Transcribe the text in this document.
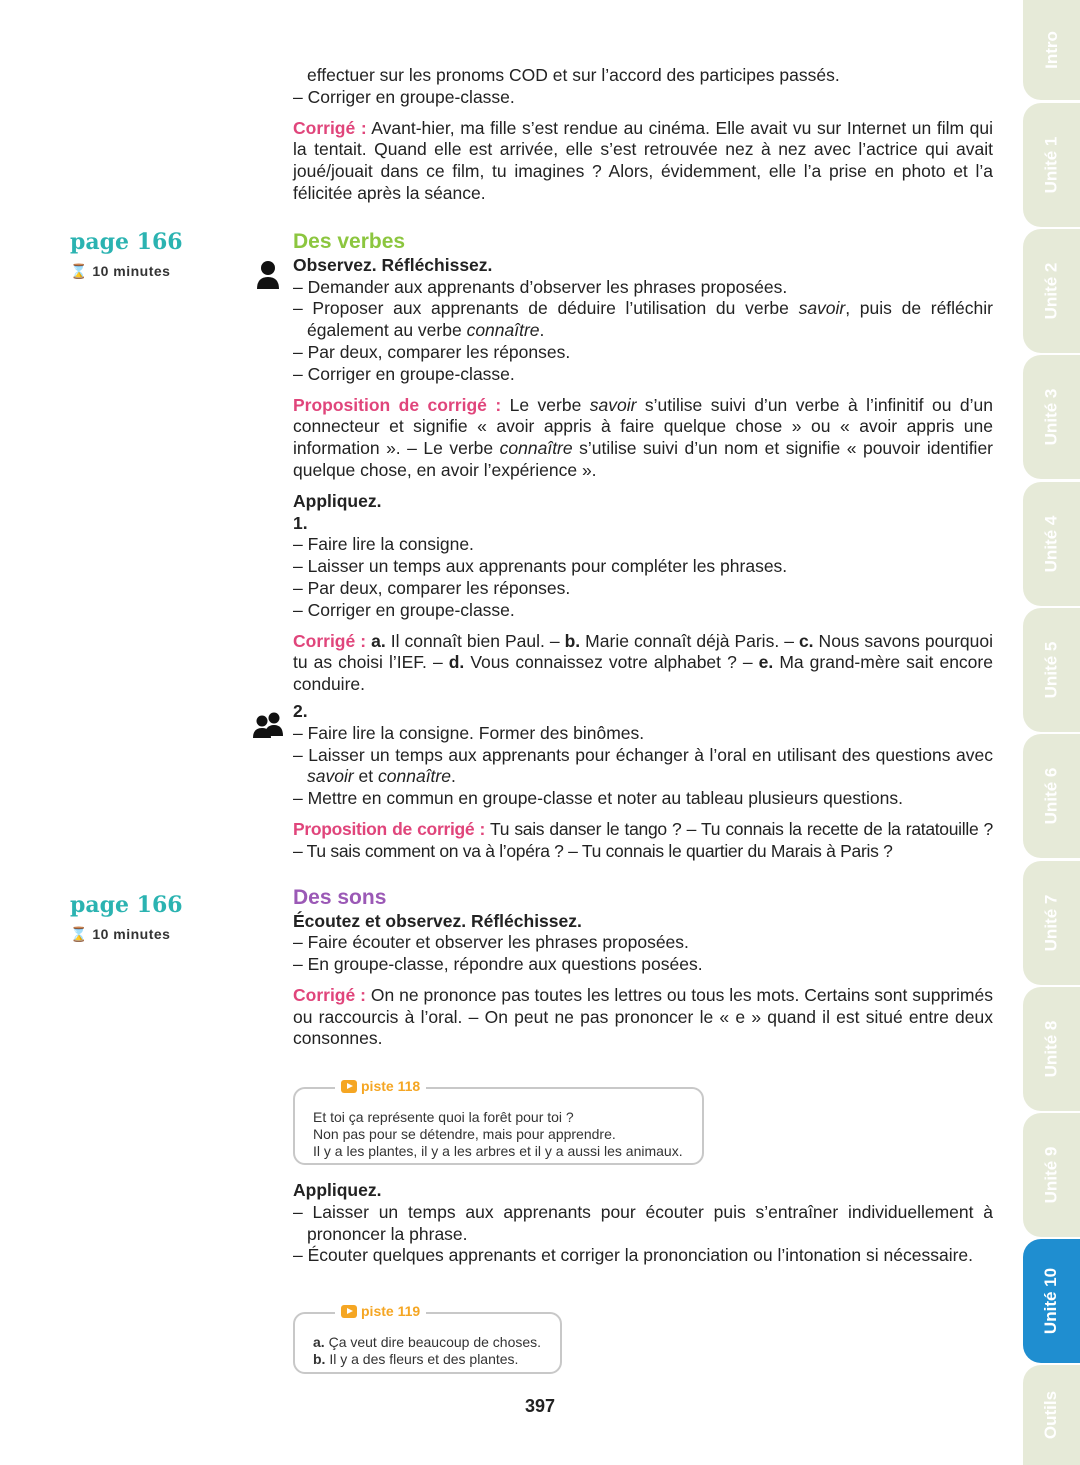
page 166
⌛ 10 minutes
page 166
⌛ 10 minutes

effectuer sur les pronoms COD et sur l’accord des participes passés.

– Corriger en groupe-classe.

Corrigé : Avant-hier, ma fille s’est rendue au cinéma. Elle avait vu sur Internet un film qui la tentait. Quand elle est arrivée, elle s’est retrouvée nez à nez avec l’actrice qui avait joué/jouait dans ce film, tu imagines ? Alors, évidemment, elle l’a prise en photo et l’a félicitée après la séance.

Des verbes

Observez. Réfléchissez.

– Demander aux apprenants d’observer les phrases proposées.

– Proposer aux apprenants de déduire l’utilisation du verbe savoir, puis de réfléchir également au verbe connaître.

– Par deux, comparer les réponses.

– Corriger en groupe-classe.

Proposition de corrigé : Le verbe savoir s’utilise suivi d’un verbe à l’infinitif ou d’un connecteur et signifie « avoir appris à faire quelque chose » ou « avoir appris une information ». – Le verbe connaître s’utilise suivi d’un nom et signifie « pouvoir identifier quelque chose, en avoir l’expérience ».

Appliquez.

1.

– Faire lire la consigne.

– Laisser un temps aux apprenants pour compléter les phrases.

– Par deux, comparer les réponses.

– Corriger en groupe-classe.

Corrigé : a. Il connaît bien Paul. – b. Marie connaît déjà Paris. – c. Nous savons pourquoi tu as choisi l’IEF. – d. Vous connaissez votre alphabet ? – e. Ma grand-mère sait encore conduire.

2.

– Faire lire la consigne. Former des binômes.

– Laisser un temps aux apprenants pour échanger à l’oral en utilisant des questions avec savoir et connaître.

– Mettre en commun en groupe-classe et noter au tableau plusieurs questions.

Proposition de corrigé : Tu sais danser le tango ? – Tu connais la recette de la ratatouille ? – Tu sais comment on va à l’opéra ? – Tu connais le quartier du Marais à Paris ?

Des sons

Écoutez et observez. Réfléchissez.

– Faire écouter et observer les phrases proposées.

– En groupe-classe, répondre aux questions posées.

Corrigé : On ne prononce pas toutes les lettres ou tous les mots. Certains sont supprimés ou raccourcis à l’oral. – On peut ne pas prononcer le « e » quand il est situé entre deux consonnes.

piste 118
Et toi ça représente quoi la forêt pour toi ?
Non pas pour se détendre, mais pour apprendre.
Il y a les plantes, il y a les arbres et il y a aussi les animaux.

Appliquez.

– Laisser un temps aux apprenants pour écouter puis s’entraîner individuellement à prononcer la phrase.

– Écouter quelques apprenants et corriger la prononciation ou l’intonation si nécessaire.

piste 119
a. Ça veut dire beaucoup de choses.
b. Il y a des fleurs et des plantes.
397
Intro
Unité 1
Unité 2
Unité 3
Unité 4
Unité 5
Unité 6
Unité 7
Unité 8
Unité 9
Unité 10
Outils
